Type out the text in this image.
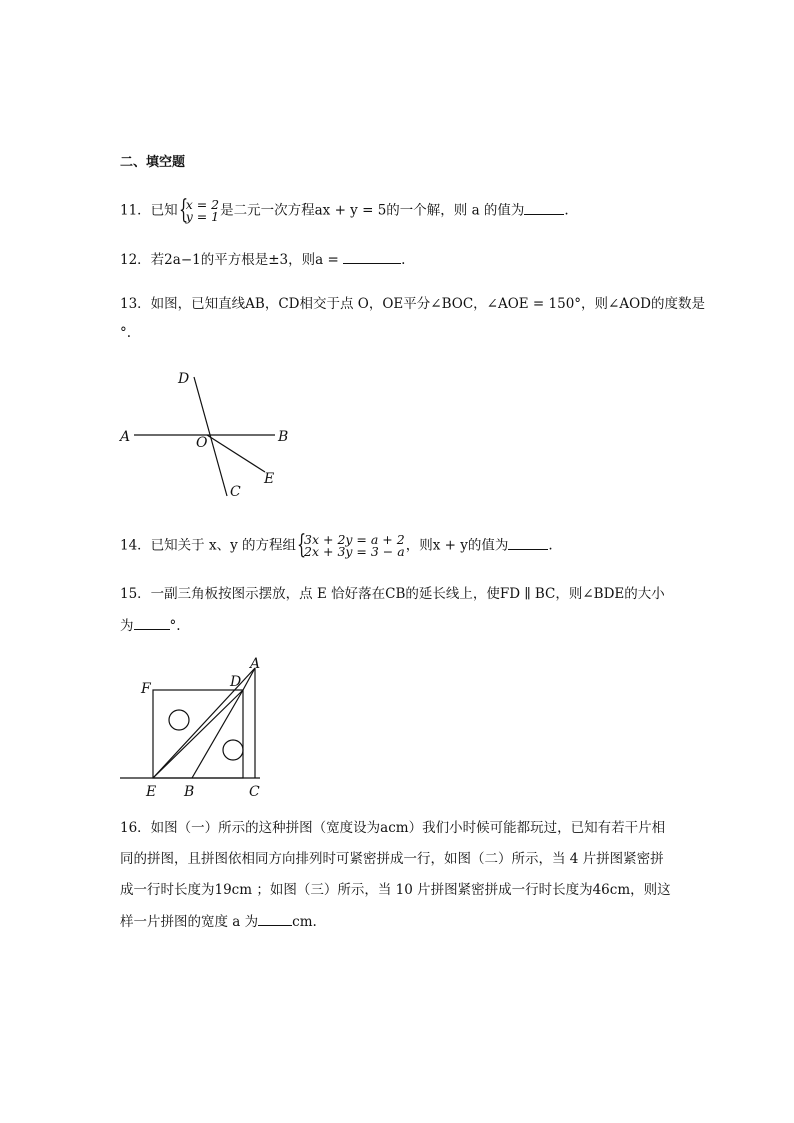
二、填空题
11．已知 {
x = 2
y = 1 是二元一次方程ax + y = 5的一个解，则 a 的值为	.
12．若2a−1的平方根是±3，则a =	.
13．如图，已知直线AB，CD相交于点 O，OE平分∠BOC，∠AOE = 150°，则∠AOD的度数是
°.
A	B
D
O
E
C
14．已知关于 x、y 的方程组 {
3x + 2y = a + 2
2x + 3y = 3 − a ，则x + y的值为	.
15．一副三角板按图示摆放，点 E 恰好落在CB的延长线上，使FD ∥ BC，则∠BDE的大小
为	°.
F	D
A
E B	C
16．如图（一）所示的这种拼图（宽度设为acm）我们小时候可能都玩过，已知有若干片相
同的拼图，且拼图依相同方向排列时可紧密拼成一行，如图（二）所示，当 4 片拼图紧密拼
成一行时长度为19cm ；如图（三）所示，当 10 片拼图紧密拼成一行时长度为46cm，则这
样一片拼图的宽度 a 为	cm.
